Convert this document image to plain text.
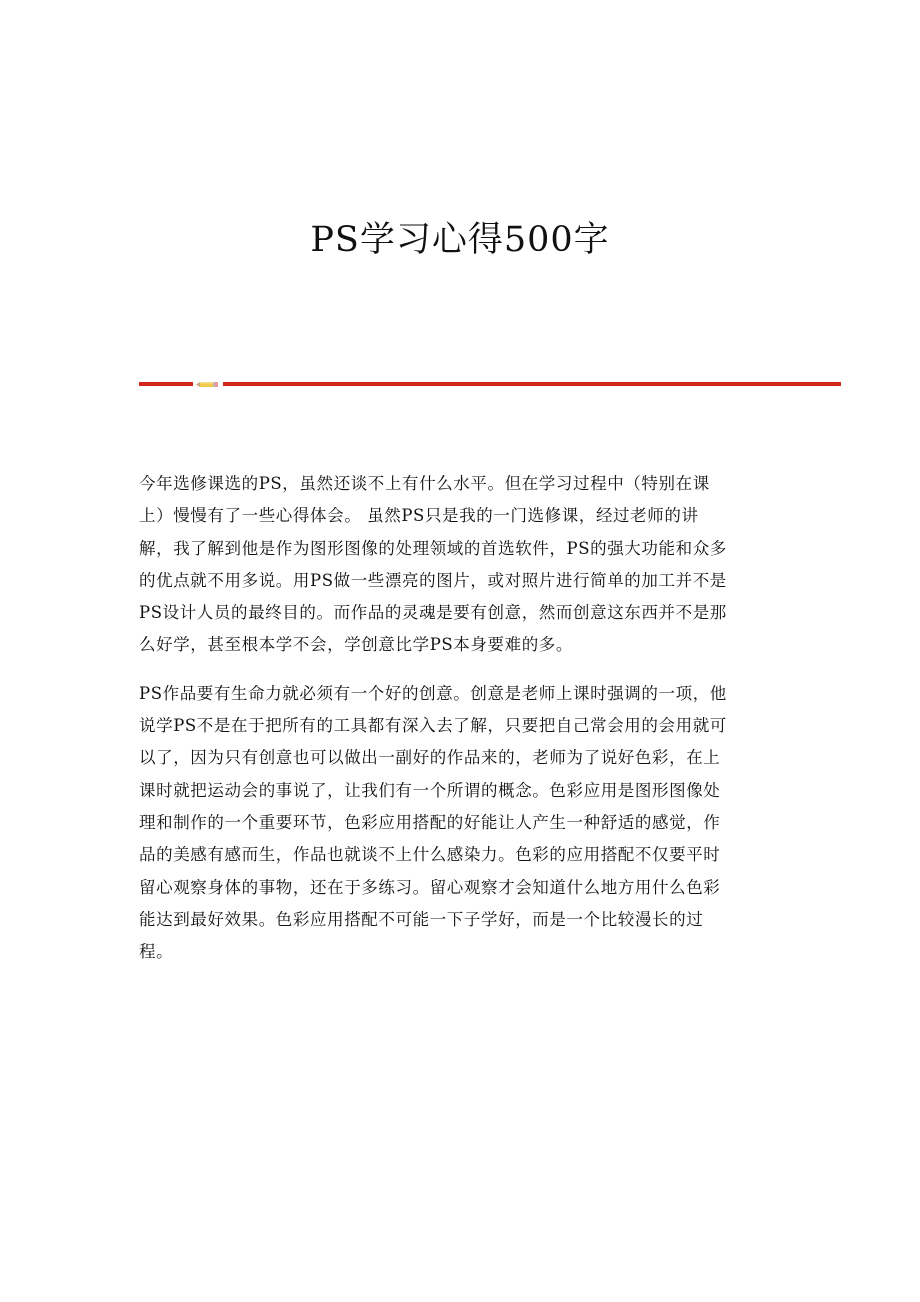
PS学习心得500字

今年选修课选的PS，虽然还谈不上有什么水平。但在学习过程中（特别在课
上）慢慢有了一些心得体会。 虽然PS只是我的一门选修课，经过老师的讲
解，我了解到他是作为图形图像的处理领域的首选软件，PS的强大功能和众多
的优点就不用多说。用PS做一些漂亮的图片，或对照片进行简单的加工并不是
PS设计人员的最终目的。而作品的灵魂是要有创意，然而创意这东西并不是那
么好学，甚至根本学不会，学创意比学PS本身要难的多。

PS作品要有生命力就必须有一个好的创意。创意是老师上课时强调的一项，他
说学PS不是在于把所有的工具都有深入去了解，只要把自己常会用的会用就可
以了，因为只有创意也可以做出一副好的作品来的，老师为了说好色彩，在上
课时就把运动会的事说了，让我们有一个所谓的概念。色彩应用是图形图像处
理和制作的一个重要环节，色彩应用搭配的好能让人产生一种舒适的感觉，作
品的美感有感而生，作品也就谈不上什么感染力。色彩的应用搭配不仅要平时
留心观察身体的事物，还在于多练习。留心观察才会知道什么地方用什么色彩
能达到最好效果。色彩应用搭配不可能一下子学好，而是一个比较漫长的过
程。
